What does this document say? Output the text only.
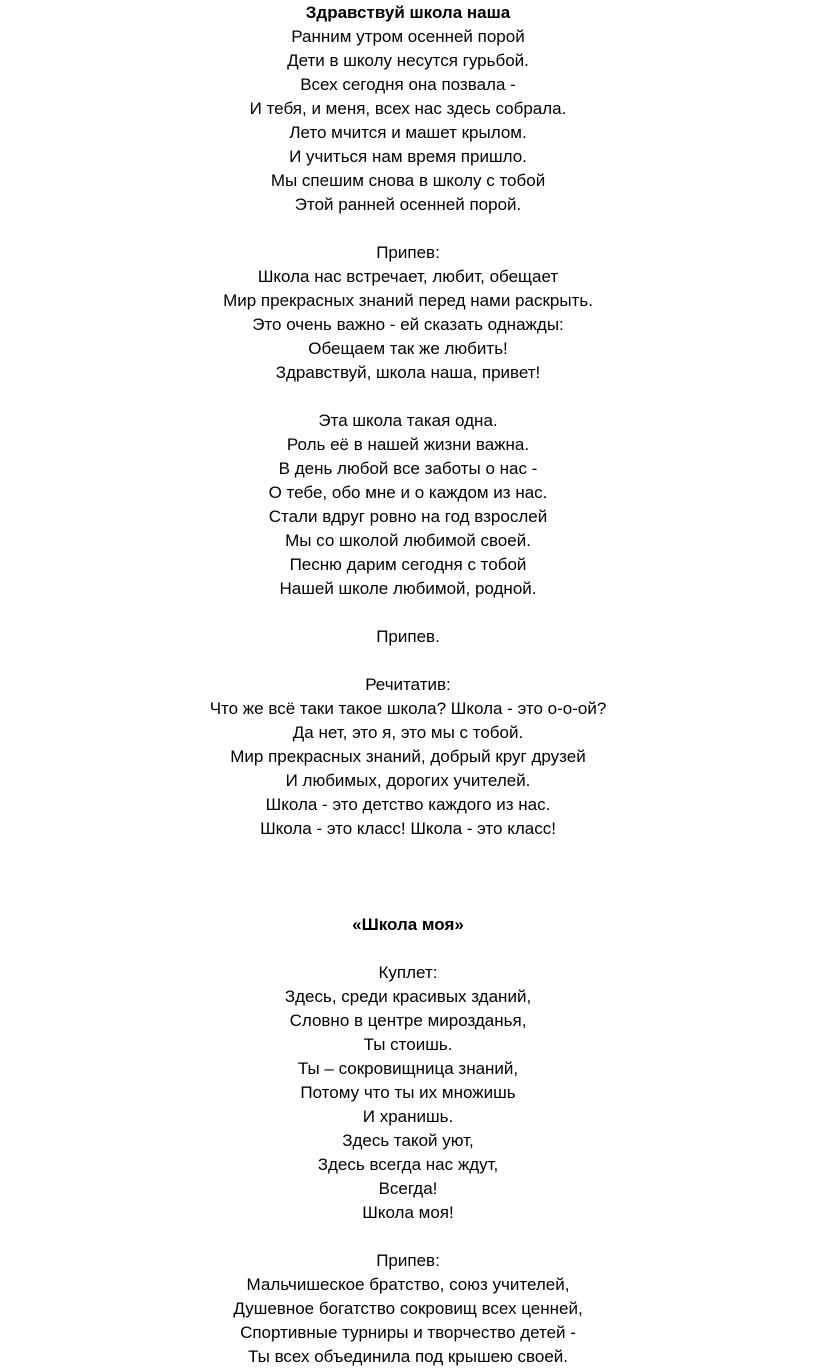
Здравствуй школа наша
Ранним утром осенней порой
Дети в школу несутся гурьбой.
Всех сегодня она позвала -
И тебя, и меня, всех нас здесь собрала.
Лето мчится и машет крылом.
И учиться нам время пришло.
Мы спешим снова в школу с тобой
Этой ранней осенней порой.
Припев:
Школа нас встречает, любит, обещает
Мир прекрасных знаний перед нами раскрыть.
Это очень важно - ей сказать однажды:
Обещаем так же любить!
Здравствуй, школа наша, привет!
Эта школа такая одна.
Роль её в нашей жизни важна.
В день любой все заботы о нас -
О тебе, обо мне и о каждом из нас.
Стали вдруг ровно на год взрослей
Мы со школой любимой своей.
Песню дарим сегодня с тобой
Нашей школе любимой, родной.
Припев.
Речитатив:
Что же всё таки такое школа? Школа - это о-о-ой?
Да нет, это я, это мы с тобой.
Мир прекрасных знаний, добрый круг друзей
И любимых, дорогих учителей.
Школа - это детство каждого из нас.
Школа - это класс! Школа - это класс!
«Школа моя»
Куплет:
Здесь, среди красивых зданий,
Словно в центре мирозданья,
Ты стоишь.
Ты – сокровищница знаний,
Потому что ты их множишь
И хранишь.
Здесь такой уют,
Здесь всегда нас ждут,
Всегда!
Школа моя!
Припев:
Мальчишеское братство, союз учителей,
Душевное богатство сокровищ всех ценней,
Спортивные турниры и творчество детей -
Ты всех объединила под крышею своей.
